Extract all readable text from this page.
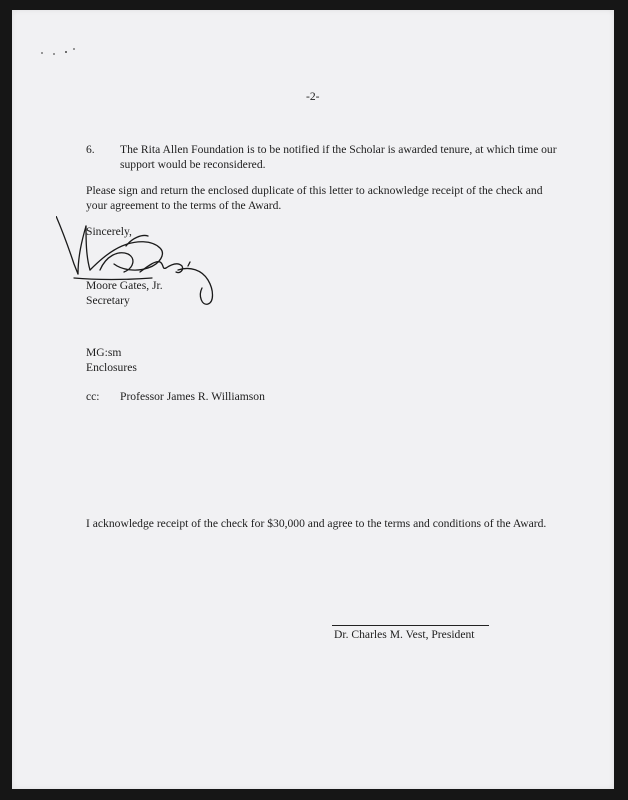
-2-
6. The Rita Allen Foundation is to be notified if the Scholar is awarded tenure, at which time our
support would be reconsidered.
Please sign and return the enclosed duplicate of this letter to acknowledge receipt of the check and
your agreement to the terms of the Award.
Sincerely,
Moore Gates, Jr.
Secretary
MG:sm
Enclosures
cc: Professor James R. Williamson
I acknowledge receipt of the check for $30,000 and agree to the terms and conditions of the Award.
Dr. Charles M. Vest, President
